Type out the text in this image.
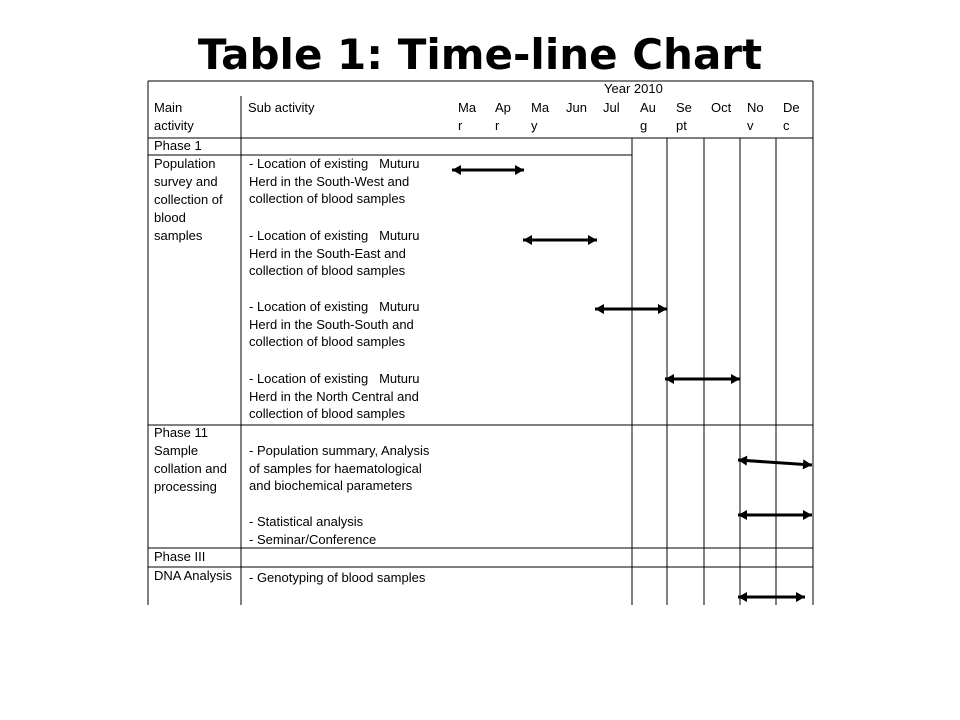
Table 1: Time-line Chart
Year 2010
Main
activity
Sub activity	Ma
r
Ap
r
Ma
y
Jun Jul Au
g
Se
pt
Oct No
v
De
c
Phase 1
Phase 11
Phase III
Population
survey and
collection of
blood
samples
Sample
collation and
processing
DNA Analysis
- Location of existing   Muturu
Herd in the South-West and
collection of blood samples
- Location of existing   Muturu
Herd in the South-East and
collection of blood samples
- Location of existing   Muturu
Herd in the South-South and
collection of blood samples
- Location of existing   Muturu
Herd in the North Central and
collection of blood samples
- Population summary, Analysis
of samples for haematological
and biochemical parameters
- Statistical analysis
- Seminar/Conference
- Genotyping of blood samples
